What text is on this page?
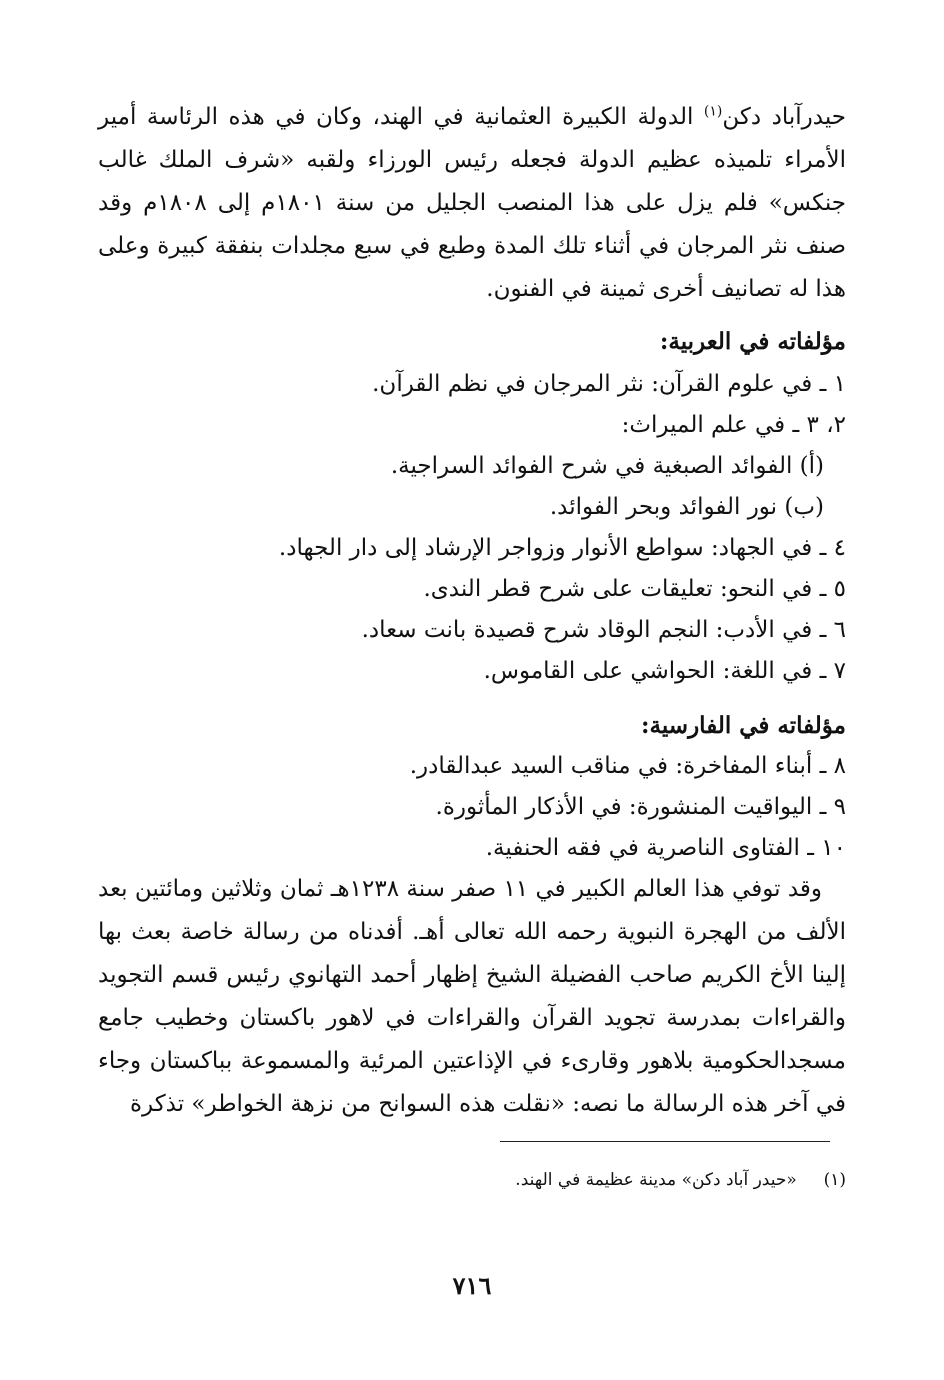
حيدرآباد دكن$^{(١)}$ الدولة الكبيرة العثمانية في الهند، وكان في هذه الرئاسة أمير الأمراء تلميذه عظيم الدولة فجعله رئيس الورزاء ولقبه «شرف الملك غالب جنكس» فلم يزل على هذا المنصب الجليل من سنة ١٨٠١م إلى ١٨٠٨م وقد صنف نثر المرجان في أثناء تلك المدة وطبع في سبع مجلدات بنفقة كبيرة وعلى هذا له تصانيف أخرى ثمينة في الفنون.

مؤلفاته في العربية:
١ ـ في علوم القرآن: نثر المرجان في نظم القرآن.
٢، ٣ ـ في علم الميراث:
(أ) الفوائد الصبغية في شرح الفوائد السراجية.
(ب) نور الفوائد وبحر الفوائد.
٤ ـ في الجهاد: سواطع الأنوار وزواجر الإرشاد إلى دار الجهاد.
٥ ـ في النحو: تعليقات على شرح قطر الندى.
٦ ـ في الأدب: النجم الوقاد شرح قصيدة بانت سعاد.
٧ ـ في اللغة: الحواشي على القاموس.
مؤلفاته في الفارسية:
٨ ـ أبناء المفاخرة: في مناقب السيد عبدالقادر.
٩ ـ اليواقيت المنشورة: في الأذكار المأثورة.
١٠ ـ الفتاوى الناصرية في فقه الحنفية.

وقد توفي هذا العالم الكبير في ١١ صفر سنة ١٢٣٨هـ ثمان وثلاثين ومائتين بعد الألف من الهجرة النبوية رحمه الله تعالى أهـ. أفدناه من رسالة خاصة بعث بها إلينا الأخ الكريم صاحب الفضيلة الشيخ إظهار أحمد التهانوي رئيس قسم التجويد والقراءات بمدرسة تجويد القرآن والقراءات في لاهور باكستان وخطيب جامع مسجدالحكومية بلاهور وقارىء في الإذاعتين المرئية والمسموعة بباكستان وجاء في آخر هذه الرسالة ما نصه: «نقلت هذه السوانح من نزهة الخواطر» تذكرة

(١)  «حيدر آباد دكن» مدينة عظيمة في الهند.
٧١٦
